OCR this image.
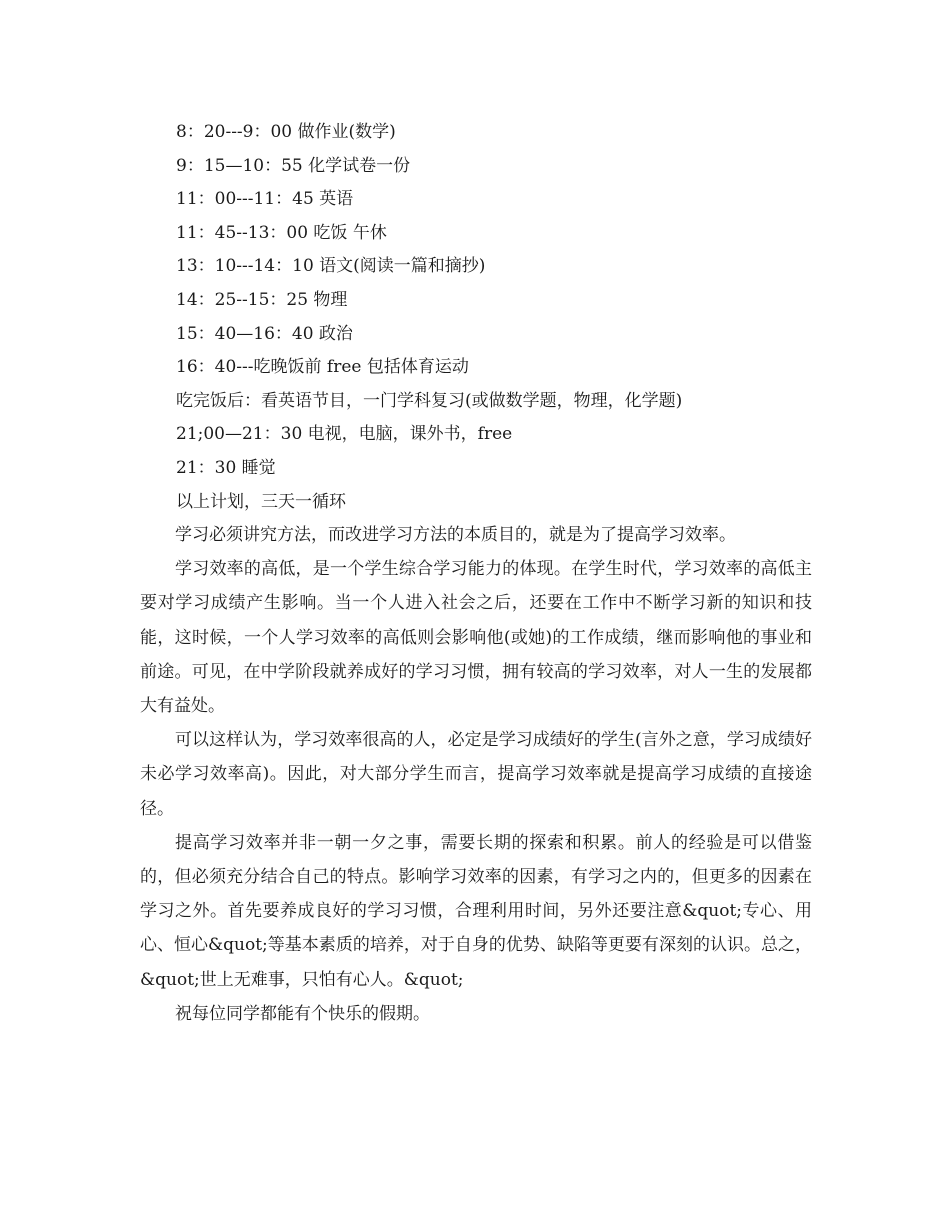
8：20---9：00 做作业(数学)
9：15—10：55 化学试卷一份
11：00---11：45 英语
11：45--13：00 吃饭 午休
13：10---14：10 语文(阅读一篇和摘抄)
14：25--15：25 物理
15：40—16：40 政治
16：40---吃晚饭前 free 包括体育运动
吃完饭后：看英语节目，一门学科复习(或做数学题，物理，化学题)
21;00—21：30 电视，电脑，课外书，free
21：30 睡觉
以上计划，三天一循环

学习必须讲究方法，而改进学习方法的本质目的，就是为了提高学习效率。

学习效率的高低，是一个学生综合学习能力的体现。在学生时代，学习效率的高低主要对学习成绩产生影响。当一个人进入社会之后，还要在工作中不断学习新的知识和技能，这时候，一个人学习效率的高低则会影响他(或她)的工作成绩，继而影响他的事业和前途。可见，在中学阶段就养成好的学习习惯，拥有较高的学习效率，对人一生的发展都大有益处。

可以这样认为，学习效率很高的人，必定是学习成绩好的学生(言外之意，学习成绩好未必学习效率高)。因此，对大部分学生而言，提高学习效率就是提高学习成绩的直接途径。

提高学习效率并非一朝一夕之事，需要长期的探索和积累。前人的经验是可以借鉴的，但必须充分结合自己的特点。影响学习效率的因素，有学习之内的，但更多的因素在学习之外。首先要养成良好的学习习惯，合理利用时间，另外还要注意&quot;专心、用心、恒心&quot;等基本素质的培养，对于自身的优势、缺陷等更要有深刻的认识。总之，&quot;世上无难事，只怕有心人。&quot;

祝每位同学都能有个快乐的假期。
